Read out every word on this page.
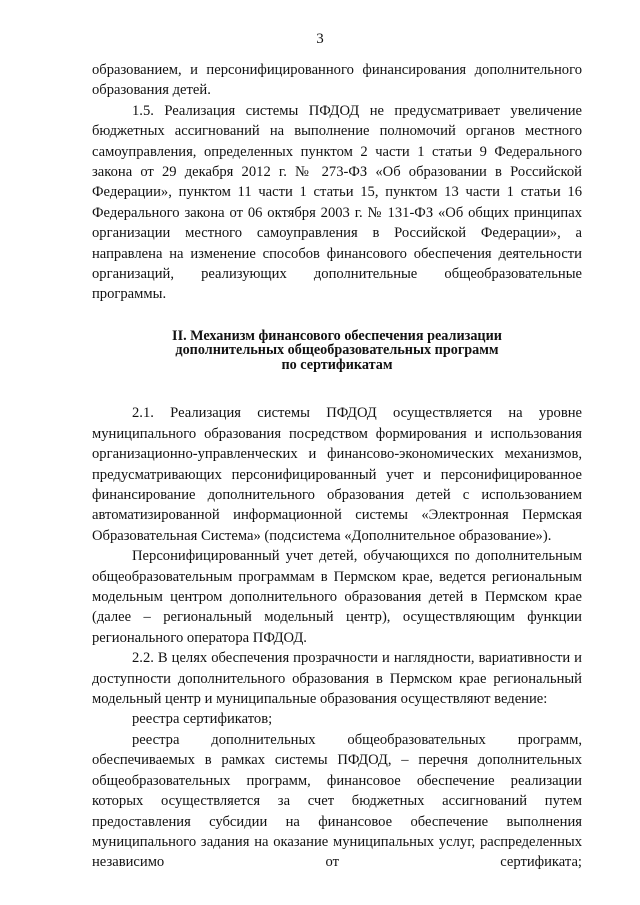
3

образованием, и персонифицированного финансирования дополнительного образования детей.

1.5. Реализация системы ПФДОД не предусматривает увеличение бюджетных ассигнований на выполнение полномочий органов местного самоуправления, определенных пунктом 2 части 1 статьи 9 Федерального закона от 29 декабря 2012 г. № 273-ФЗ «Об образовании в Российской Федерации», пунктом 11 части 1 статьи 15, пунктом 13 части 1 статьи 16 Федерального закона от 06 октября 2003 г. № 131-ФЗ «Об общих принципах организации местного самоуправления в Российской Федерации», а направлена на изменение способов финансового обеспечения деятельности организаций, реализующих дополнительные общеобразовательные программы.

II. Механизм финансового обеспечения реализации
дополнительных общеобразовательных программ
по сертификатам

2.1. Реализация системы ПФДОД осуществляется на уровне муниципального образования посредством формирования и использования организационно-управленческих и финансово-экономических механизмов, предусматривающих персонифицированный учет и персонифицированное финансирование дополнительного образования детей с использованием автоматизированной информационной системы «Электронная Пермская Образовательная Система» (подсистема «Дополнительное образование»).

Персонифицированный учет детей, обучающихся по дополнительным общеобразовательным программам в Пермском крае, ведется региональным модельным центром дополнительного образования детей в Пермском крае (далее – региональный модельный центр), осуществляющим функции регионального оператора ПФДОД.

2.2. В целях обеспечения прозрачности и наглядности, вариативности и доступности дополнительного образования в Пермском крае региональный модельный центр и муниципальные образования осуществляют ведение:

реестра сертификатов;

реестра дополнительных общеобразовательных программ, обеспечиваемых в рамках системы ПФДОД, – перечня дополнительных общеобразовательных программ, финансовое обеспечение реализации которых осуществляется за счет бюджетных ассигнований путем предоставления субсидии на финансовое обеспечение выполнения муниципального задания на оказание муниципальных услуг, распределенных независимо от сертификата;
